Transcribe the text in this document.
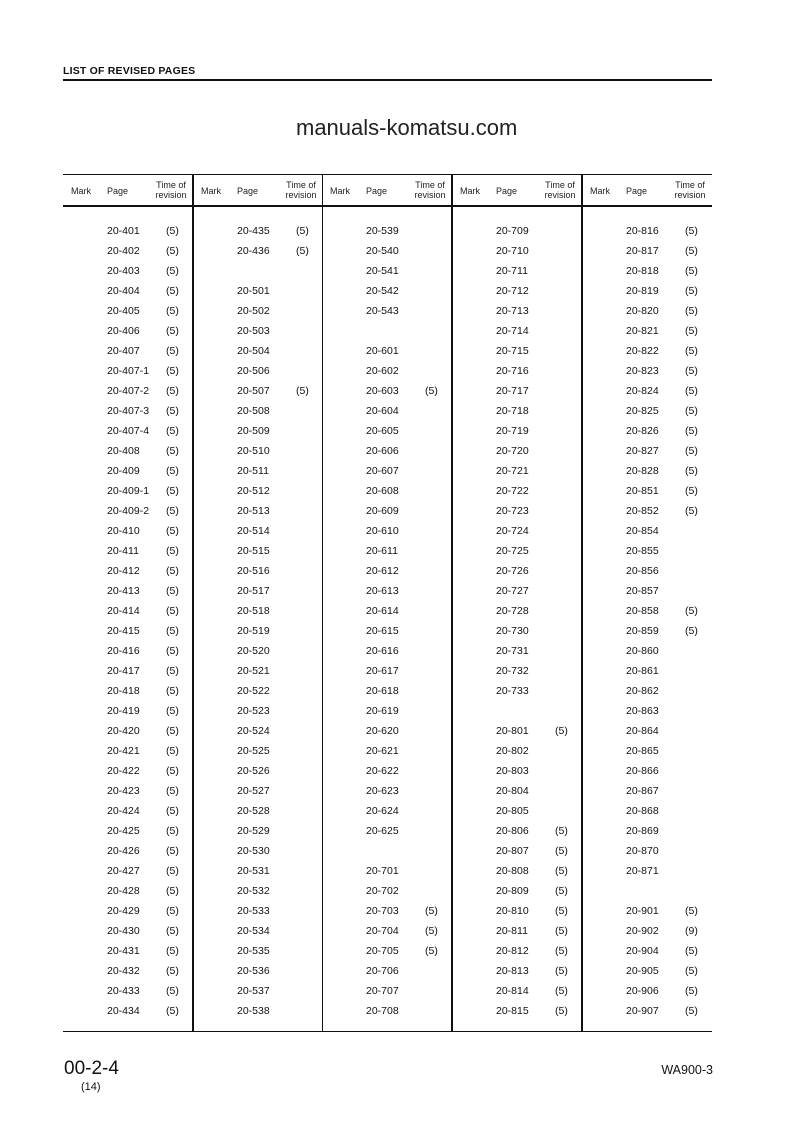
LIST OF REVISED PAGES
manuals-komatsu.com
Mark Page
Time of
revision
20-401	(5)
20-402	(5)
20-403	(5)
20-404	(5)
20-405	(5)
20-406	(5)
20-407	(5)
20-407-1 (5)
20-407-2 (5)
20-407-3 (5)
20-407-4 (5)
20-408	(5)
20-409	(5)
20-409-1 (5)
20-409-2 (5)
20-410	(5)
20-411	(5)
20-412	(5)
20-413	(5)
20-414	(5)
20-415	(5)
20-416	(5)
20-417	(5)
20-418	(5)
20-419	(5)
20-420	(5)
20-421	(5)
20-422	(5)
20-423	(5)
20-424	(5)
20-425	(5)
20-426	(5)
20-427	(5)
20-428	(5)
20-429	(5)
20-430	(5)
20-431	(5)
20-432	(5)
20-433	(5)
20-434	(5)
Mark Page
Time of
revision
20-435	(5)
20-436	(5)
20-501
20-502
20-503
20-504
20-506
20-507	(5)
20-508
20-509
20-510
20-511
20-512
20-513
20-514
20-515
20-516
20-517
20-518
20-519
20-520
20-521
20-522
20-523
20-524
20-525
20-526
20-527
20-528
20-529
20-530
20-531
20-532
20-533
20-534
20-535
20-536
20-537
20-538
Mark Page
Time of
revision
20-539
20-540
20-541
20-542
20-543
20-601
20-602
20-603	(5)
20-604
20-605
20-606
20-607
20-608
20-609
20-610
20-611
20-612
20-613
20-614
20-615
20-616
20-617
20-618
20-619
20-620
20-621
20-622
20-623
20-624
20-625
20-701
20-702
20-703	(5)
20-704	(5)
20-705	(5)
20-706
20-707
20-708
Mark Page
Time of
revision
20-709
20-710
20-711
20-712
20-713
20-714
20-715
20-716
20-717
20-718
20-719
20-720
20-721
20-722
20-723
20-724
20-725
20-726
20-727
20-728
20-730
20-731
20-732
20-733
20-801	(5)
20-802
20-803
20-804
20-805
20-806	(5)
20-807	(5)
20-808	(5)
20-809	(5)
20-810	(5)
20-811	(5)
20-812	(5)
20-813	(5)
20-814	(5)
20-815	(5)
Mark Page
Time of
revision
20-816	(5)
20-817	(5)
20-818	(5)
20-819	(5)
20-820	(5)
20-821	(5)
20-822	(5)
20-823	(5)
20-824	(5)
20-825	(5)
20-826	(5)
20-827	(5)
20-828	(5)
20-851	(5)
20-852	(5)
20-854
20-855
20-856
20-857
20-858	(5)
20-859	(5)
20-860
20-861
20-862
20-863
20-864
20-865
20-866
20-867
20-868
20-869
20-870
20-871
20-901	(5)
20-902	(9)
20-904	(5)
20-905	(5)
20-906	(5)
20-907	(5)
00-2-4
(14)
WA900-3
